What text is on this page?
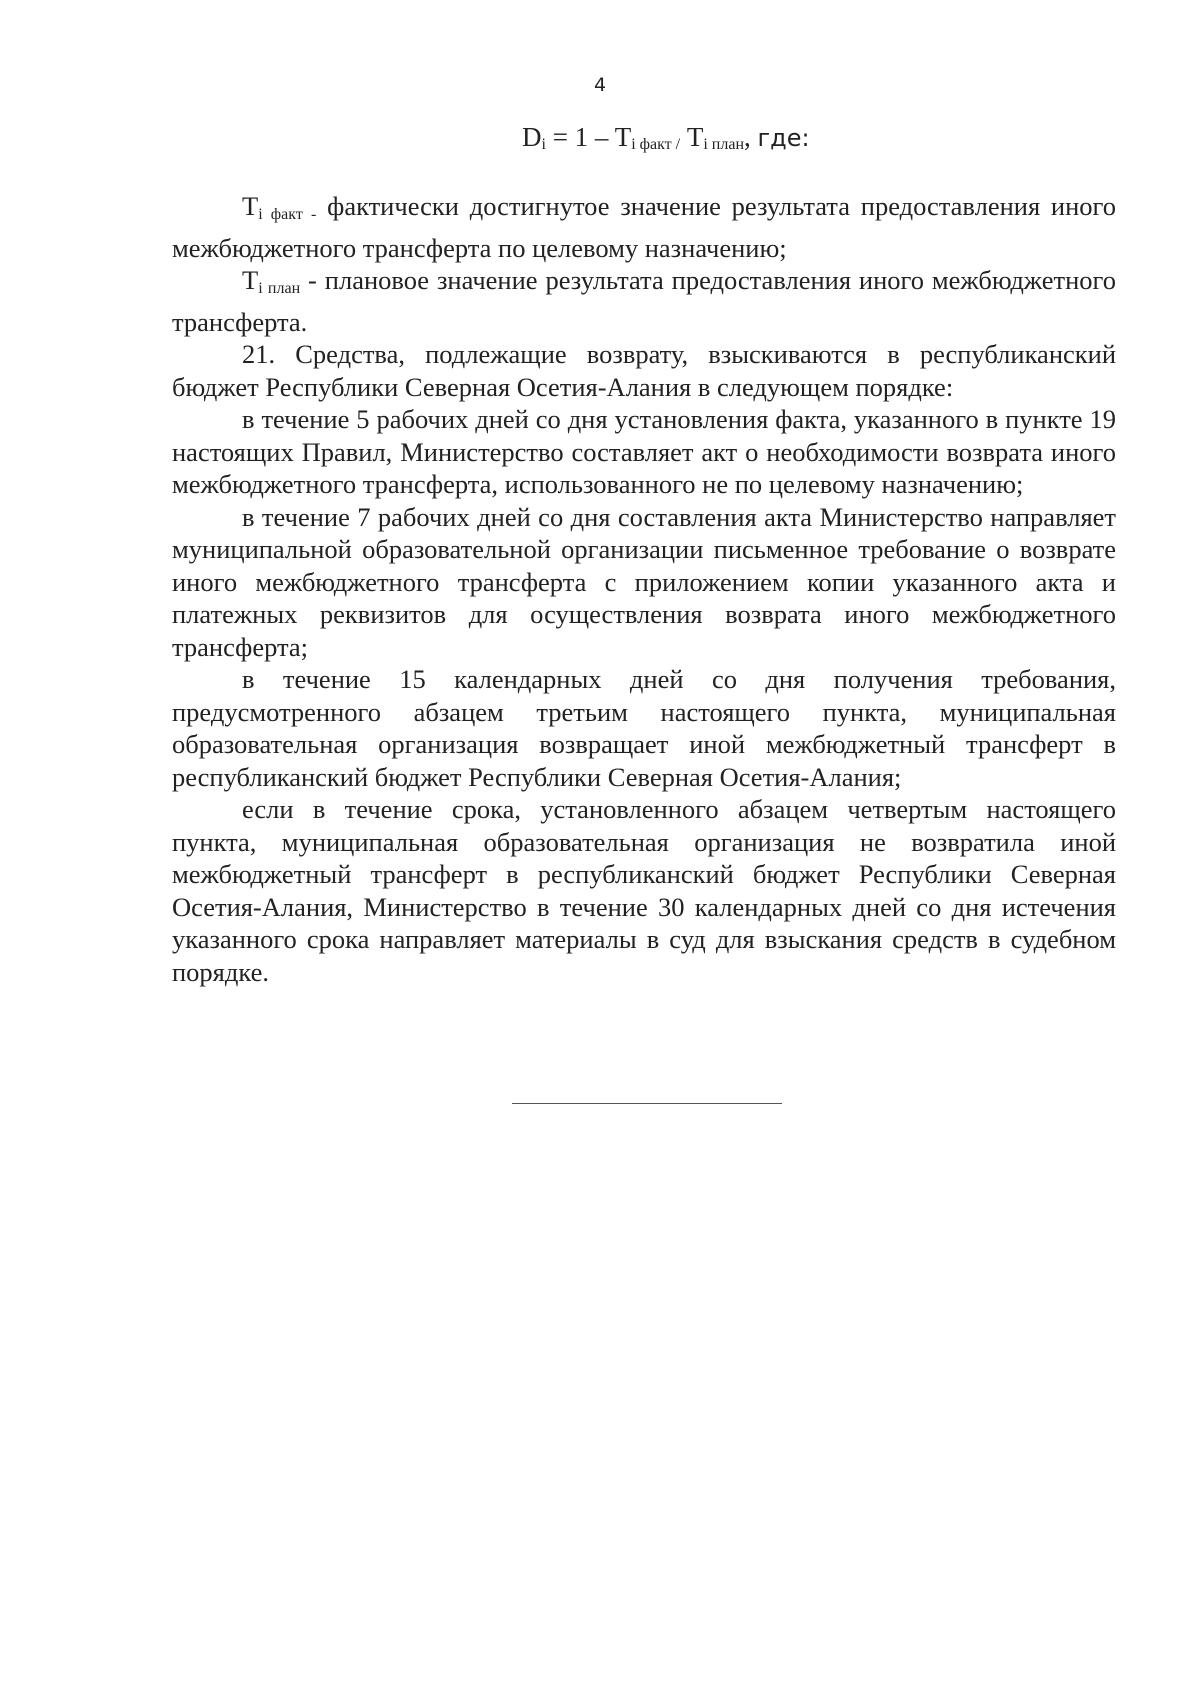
4
Di = 1 – Ti факт / Ti план, где:

$T_{i факт -}$ фактически достигнутое значение результата предоставления иного межбюджетного трансферта по целевому назначению;

$T_{i план}$ - плановое значение результата предоставления иного межбюджетного трансферта.

21. Средства, подлежащие возврату, взыскиваются в республиканский бюджет Республики Северная Осетия-Алания в следующем порядке:

в течение 5 рабочих дней со дня установления факта, указанного в пункте 19 настоящих Правил, Министерство составляет акт о необходимости возврата иного межбюджетного трансферта, использованного не по целевому назначению;

в течение 7 рабочих дней со дня составления акта Министерство направляет муниципальной образовательной организации письменное требование о возврате иного межбюджетного трансферта с приложением копии указанного акта и платежных реквизитов для осуществления возврата иного межбюджетного трансферта;

в течение 15 календарных дней со дня получения требования, предусмотренного абзацем третьим настоящего пункта, муниципальная образовательная организация возвращает иной межбюджетный трансферт в республиканский бюджет Республики Северная Осетия-Алания;

если в течение срока, установленного абзацем четвертым настоящего пункта, муниципальная образовательная организация не возвратила иной межбюджетный трансферт в республиканский бюджет Республики Северная Осетия-Алания, Министерство в течение 30 календарных дней со дня истечения указанного срока направляет материалы в суд для взыскания средств в судебном порядке.
